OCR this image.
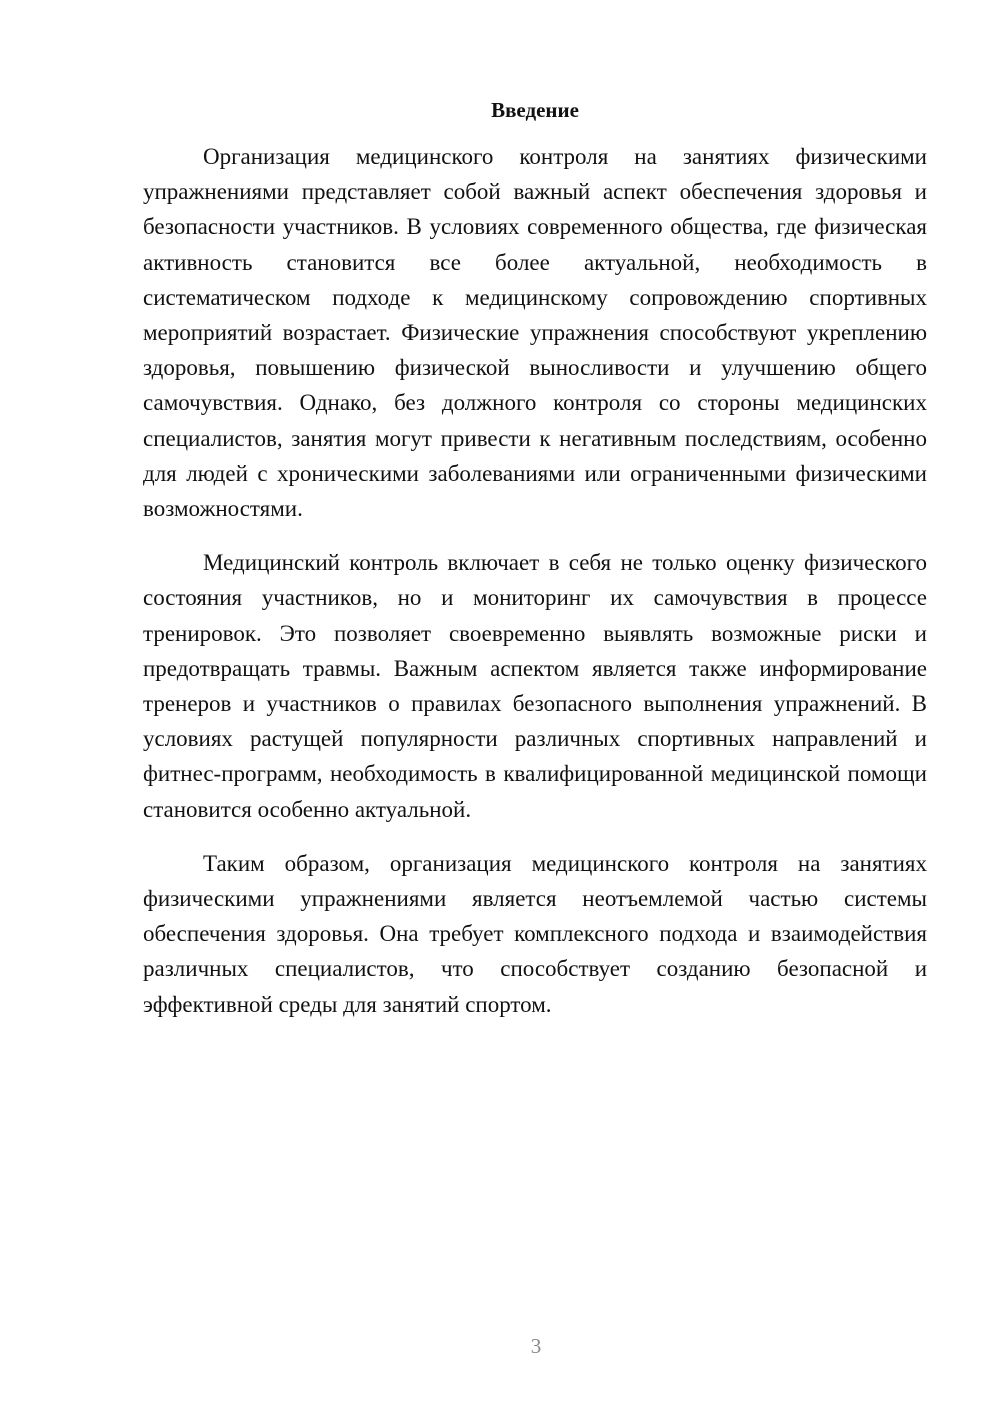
Введение

Организация медицинского контроля на занятиях физическими упражнениями представляет собой важный аспект обеспечения здоровья и безопасности участников. В условиях современного общества, где физическая активность становится все более актуальной, необходимость в систематическом подходе к медицинскому сопровождению спортивных мероприятий возрастает. Физические упражнения способствуют укреплению здоровья, повышению физической выносливости и улучшению общего самочувствия. Однако, без должного контроля со стороны медицинских специалистов, занятия могут привести к негативным последствиям, особенно для людей с хроническими заболеваниями или ограниченными физическими возможностями.

Медицинский контроль включает в себя не только оценку физического состояния участников, но и мониторинг их самочувствия в процессе тренировок. Это позволяет своевременно выявлять возможные риски и предотвращать травмы. Важным аспектом является также информирование тренеров и участников о правилах безопасного выполнения упражнений. В условиях растущей популярности различных спортивных направлений и фитнес-программ, необходимость в квалифицированной медицинской помощи становится особенно актуальной.

Таким образом, организация медицинского контроля на занятиях физическими упражнениями является неотъемлемой частью системы обеспечения здоровья. Она требует комплексного подхода и взаимодействия различных специалистов, что способствует созданию безопасной и эффективной среды для занятий спортом.

3
